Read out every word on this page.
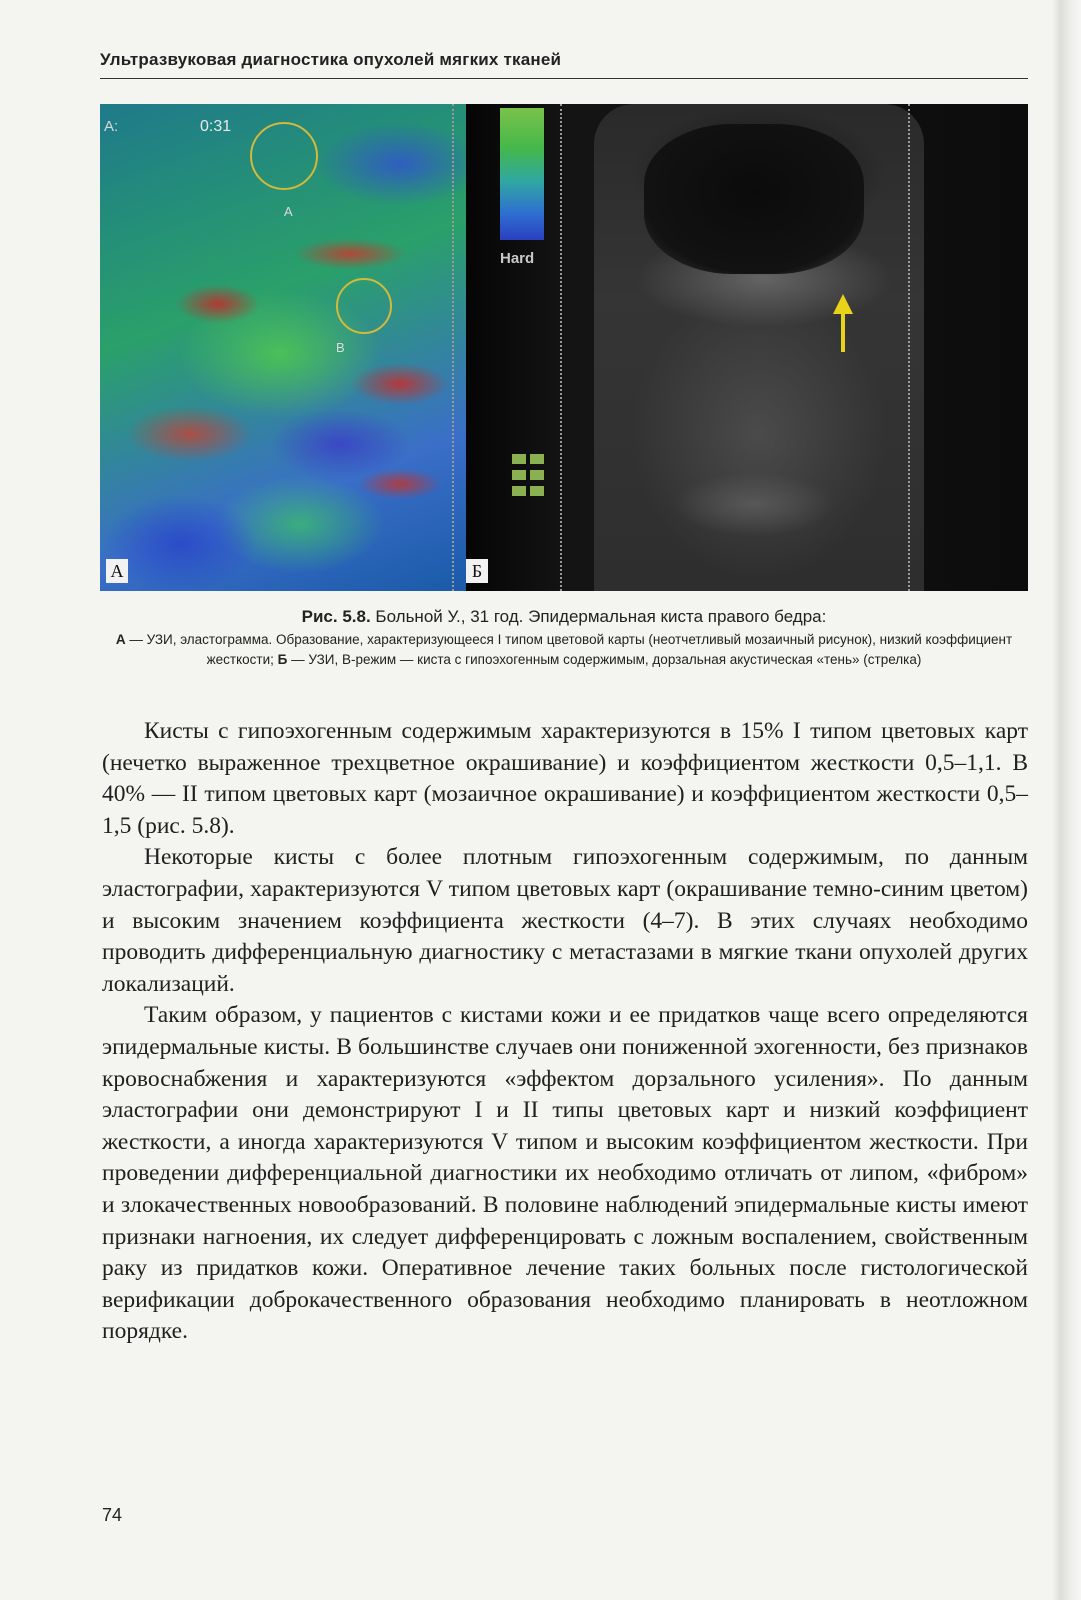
Ультразвуковая диагностика опухолей мягких тканей
A:	0:31
A
B
А
Hard
Б
Рис. 5.8. Больной У., 31 год. Эпидермальная киста правого бедра:
А — УЗИ, эластограмма. Образование, характеризующееся I типом цветовой карты (неотчетливый мозаичный рисунок), низкий коэффициент жесткости; Б — УЗИ, В-режим — киста с гипоэхогенным содержимым, дорзальная акустическая «тень» (стрелка)

Кисты с гипоэхогенным содержимым характеризуются в 15% I типом цветовых карт (нечетко выраженное трехцветное окрашивание) и коэффициентом жесткости 0,5–1,1. В 40% — II типом цветовых карт (мозаичное окрашивание) и коэффициентом жесткости 0,5–1,5 (рис. 5.8).

Некоторые кисты с более плотным гипоэхогенным содержимым, по данным эластографии, характеризуются V типом цветовых карт (окрашивание темно-синим цветом) и высоким значением коэффициента жесткости (4–7). В этих случаях необходимо проводить дифференциальную диагностику с метастазами в мягкие ткани опухолей других локализаций.

Таким образом, у пациентов с кистами кожи и ее придатков чаще всего определяются эпидермальные кисты. В большинстве случаев они пониженной эхогенности, без признаков кровоснабжения и характеризуются «эффектом дорзального усиления». По данным эластографии они демонстрируют I и II типы цветовых карт и низкий коэффициент жесткости, а иногда характеризуются V типом и высоким коэффициентом жесткости. При проведении дифференциальной диагностики их необходимо отличать от липом, «фибром» и злокачественных новообразований. В половине наблюдений эпидермальные кисты имеют признаки нагноения, их следует дифференцировать с ложным воспалением, свойственным раку из придатков кожи. Оперативное лечение таких больных после гистологической верификации доброкачественного образования необходимо планировать в неотложном порядке.

74
